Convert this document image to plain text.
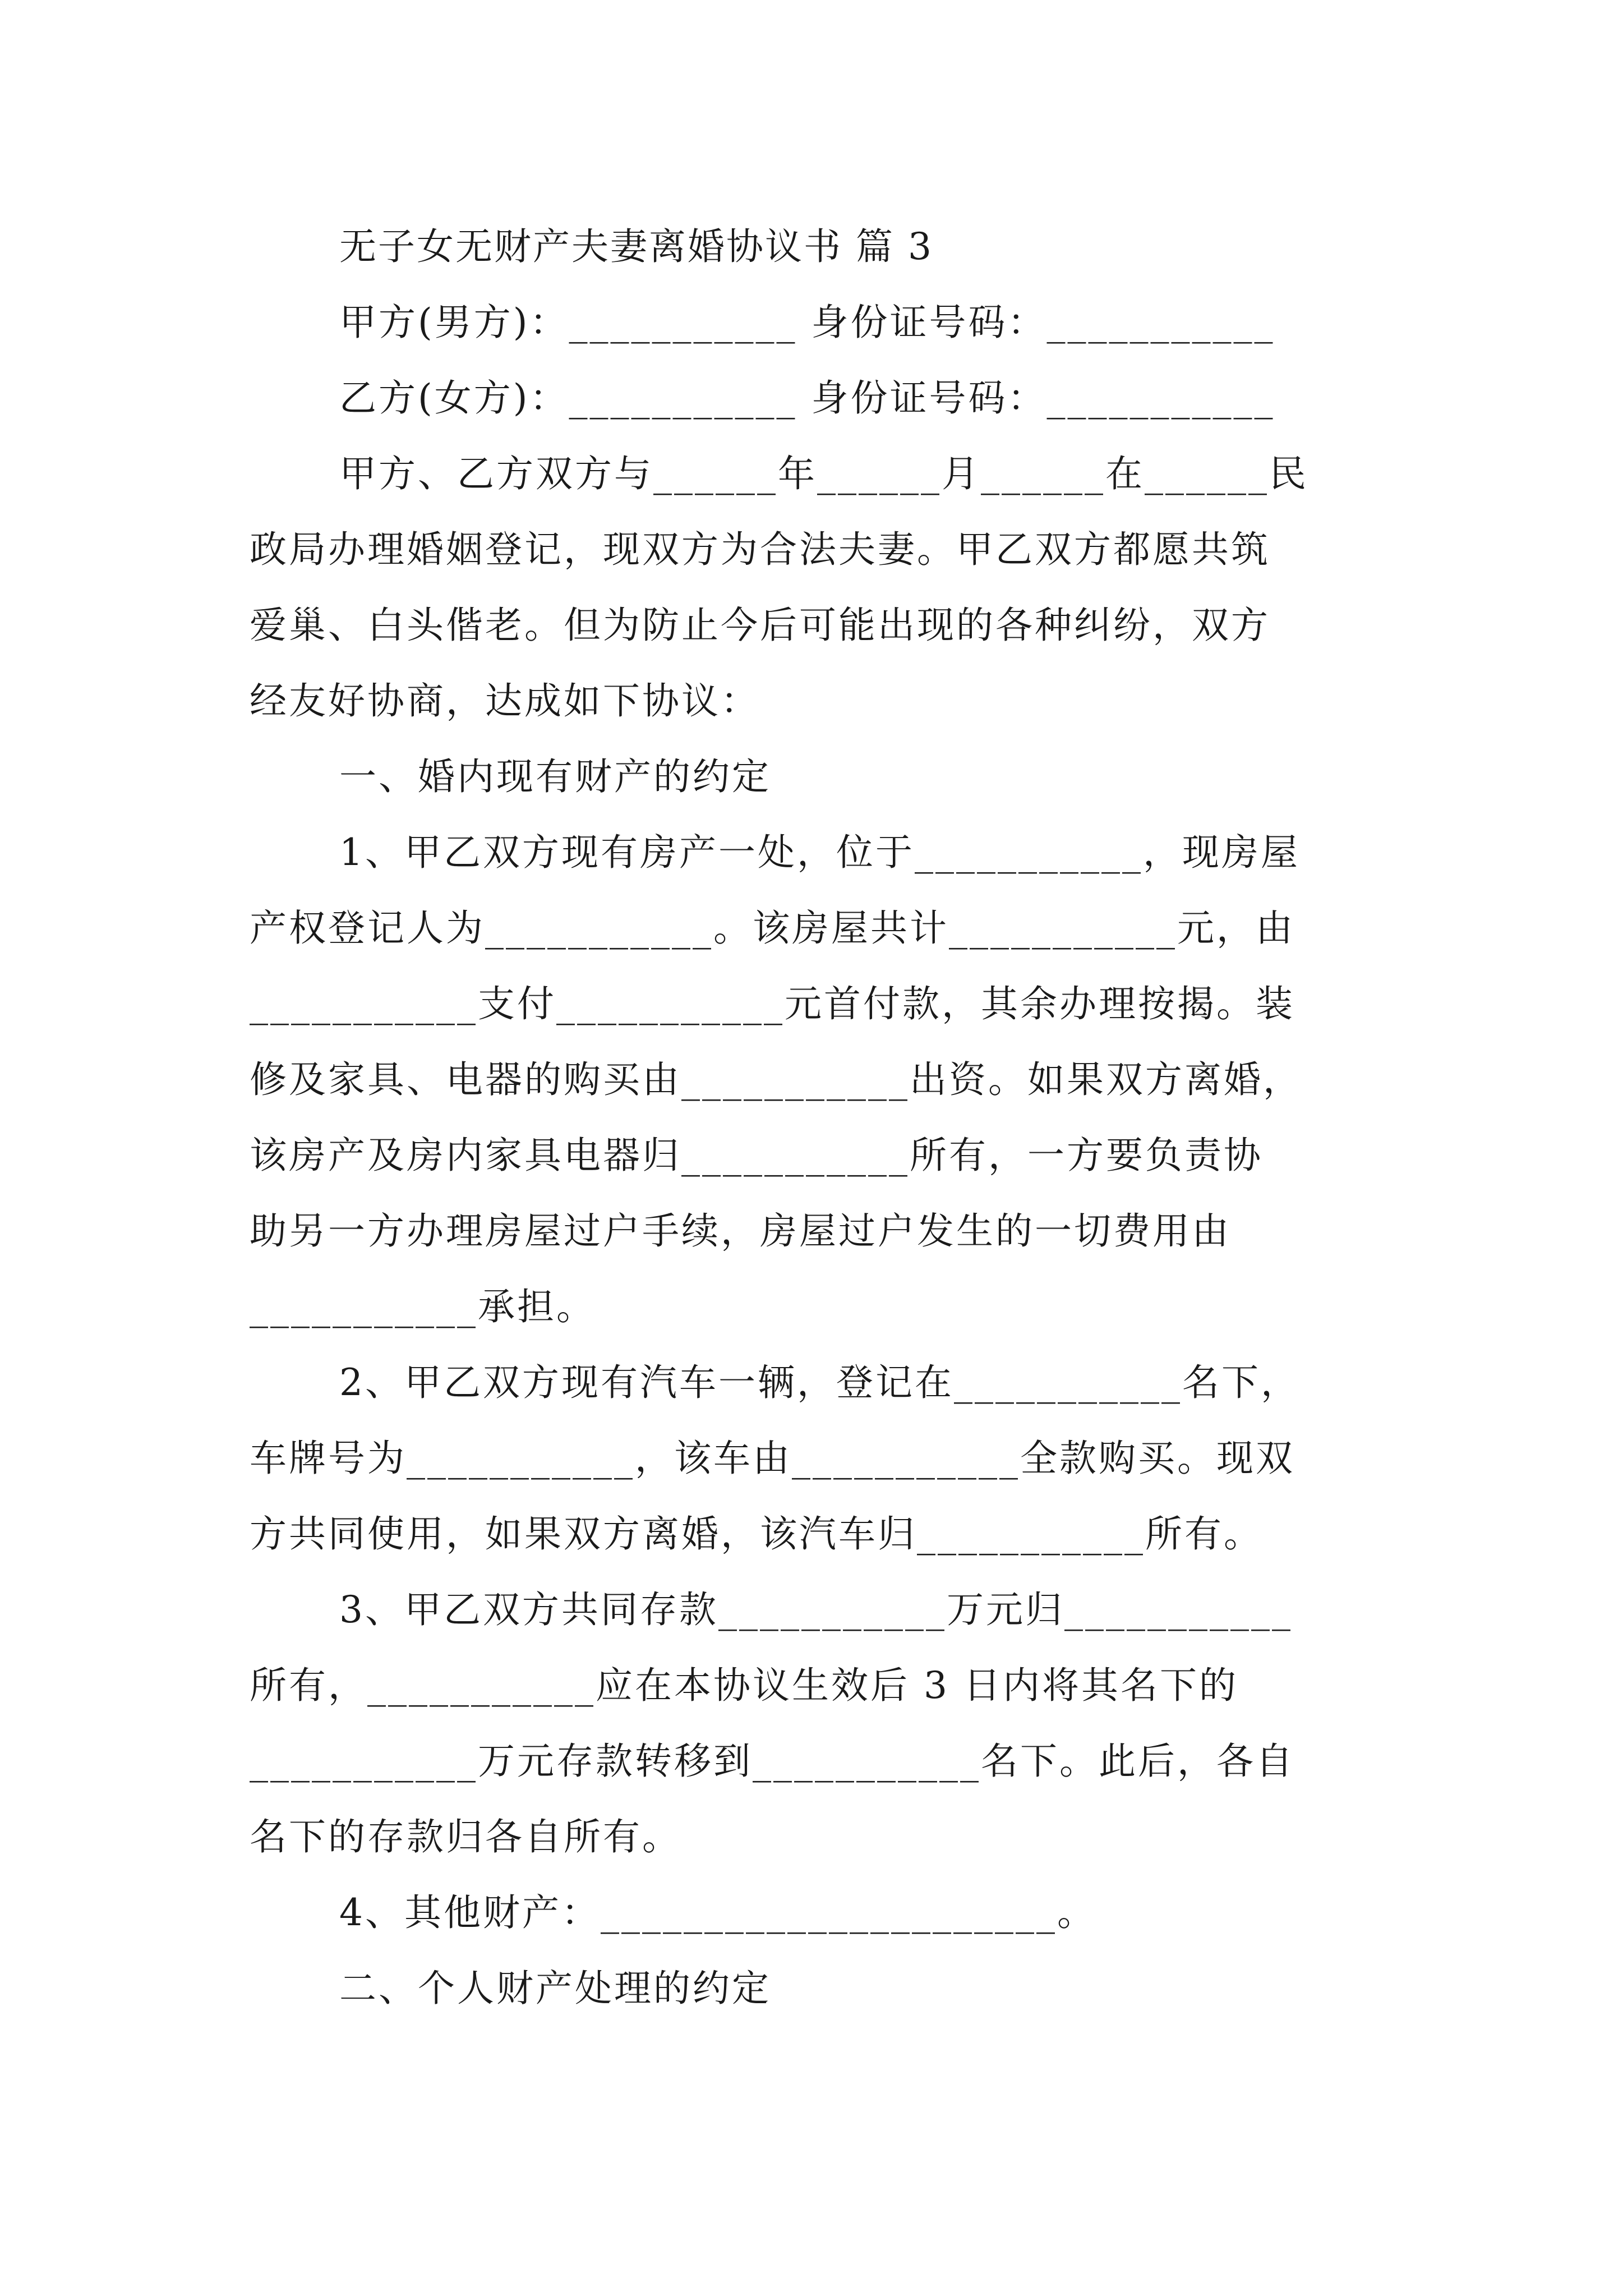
无子女无财产夫妻离婚协议书 篇 3
甲方(男方)：___________ 身份证号码：___________
乙方(女方)：___________ 身份证号码：___________
甲方、乙方双方与______年______月______在______民
政局办理婚姻登记，现双方为合法夫妻。甲乙双方都愿共筑
爱巢、白头偕老。但为防止今后可能出现的各种纠纷，双方
经友好协商，达成如下协议：
一、婚内现有财产的约定
1、甲乙双方现有房产一处，位于___________，现房屋
产权登记人为___________。该房屋共计___________元，由
___________支付___________元首付款，其余办理按揭。装
修及家具、电器的购买由___________出资。如果双方离婚，
该房产及房内家具电器归___________所有，一方要负责协
助另一方办理房屋过户手续，房屋过户发生的一切费用由
___________承担。
2、甲乙双方现有汽车一辆，登记在___________名下，
车牌号为___________，该车由___________全款购买。现双
方共同使用，如果双方离婚，该汽车归___________所有。
3、甲乙双方共同存款___________万元归___________
所有，___________应在本协议生效后 3 日内将其名下的
___________万元存款转移到___________名下。此后，各自
名下的存款归各自所有。
4、其他财产：______________________。
二、个人财产处理的约定
